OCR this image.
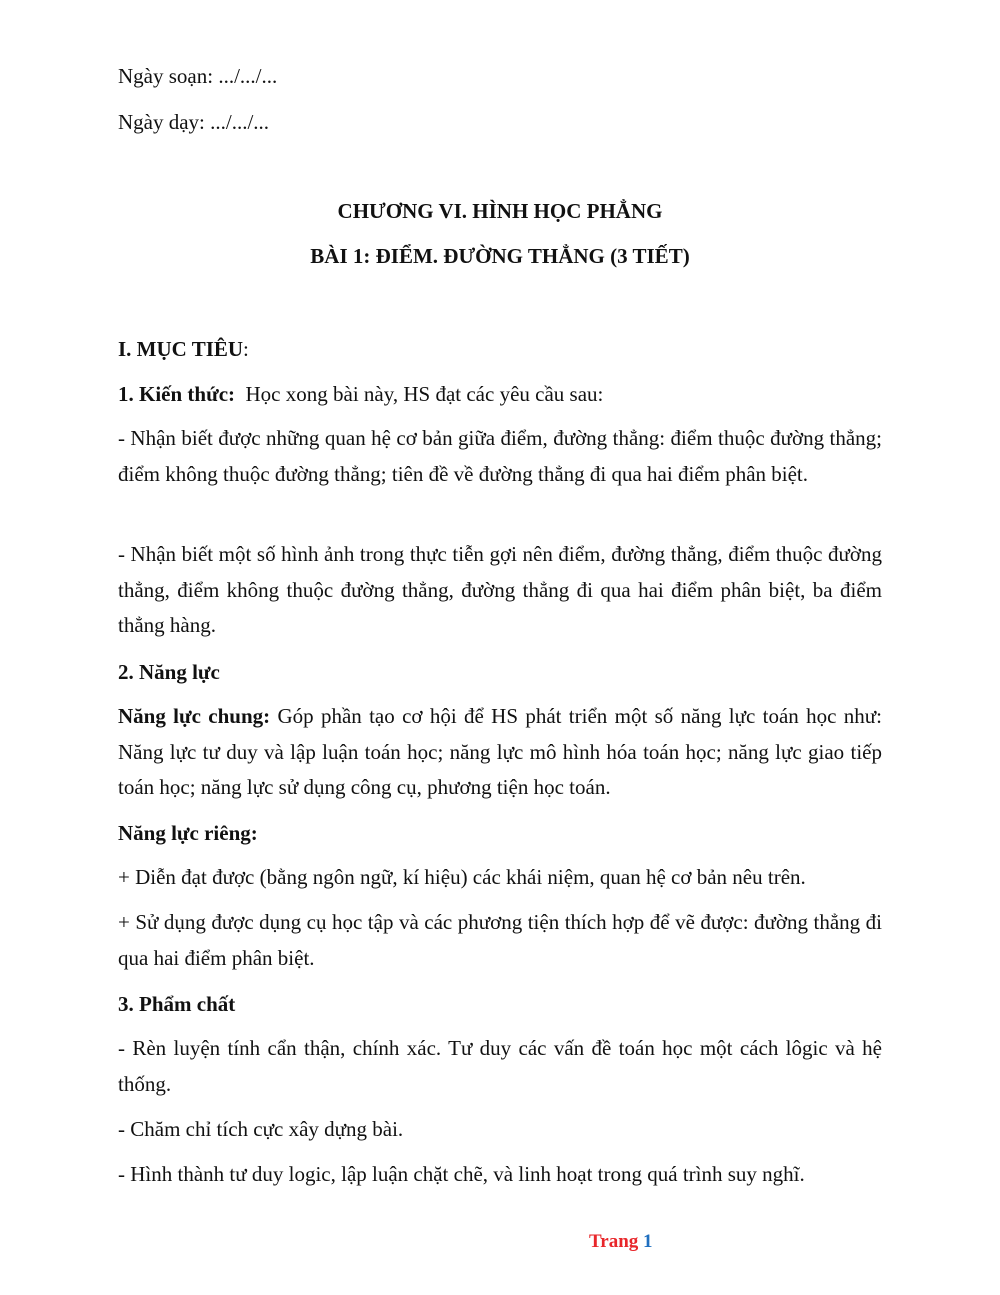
Ngày soạn: .../.../...
Ngày dạy: .../.../...
CHƯƠNG VI. HÌNH HỌC PHẲNG
BÀI 1: ĐIỂM. ĐƯỜNG THẲNG (3 TIẾT)
I. MỤC TIÊU:
1. Kiến thức:  Học xong bài này, HS đạt các yêu cầu sau:
- Nhận biết được những quan hệ cơ bản giữa điểm, đường thẳng: điểm thuộc đường thẳng; điểm không thuộc đường thẳng; tiên đề về đường thẳng đi qua hai điểm phân biệt.
- Nhận biết một số hình ảnh trong thực tiễn gợi nên điểm, đường thẳng, điểm thuộc đường thẳng, điểm không thuộc đường thẳng, đường thẳng đi qua hai điểm phân biệt, ba điểm thẳng hàng.
2. Năng lực
Năng lực chung: Góp phần tạo cơ hội để HS phát triển một số năng lực toán học như: Năng lực tư duy và lập luận toán học; năng lực mô hình hóa toán học; năng lực giao tiếp toán học; năng lực sử dụng công cụ, phương tiện học toán.
Năng lực riêng:
+ Diễn đạt được (bằng ngôn ngữ, kí hiệu) các khái niệm, quan hệ cơ bản nêu trên.
+ Sử dụng được dụng cụ học tập và các phương tiện thích hợp để vẽ được: đường thẳng đi qua hai điểm phân biệt.
3. Phẩm chất
- Rèn luyện tính cẩn thận, chính xác. Tư duy các vấn đề toán học một cách lôgic và hệ thống.
- Chăm chỉ tích cực xây dựng bài.
- Hình thành tư duy logic, lập luận chặt chẽ, và linh hoạt trong quá trình suy nghĩ.
Trang 1
